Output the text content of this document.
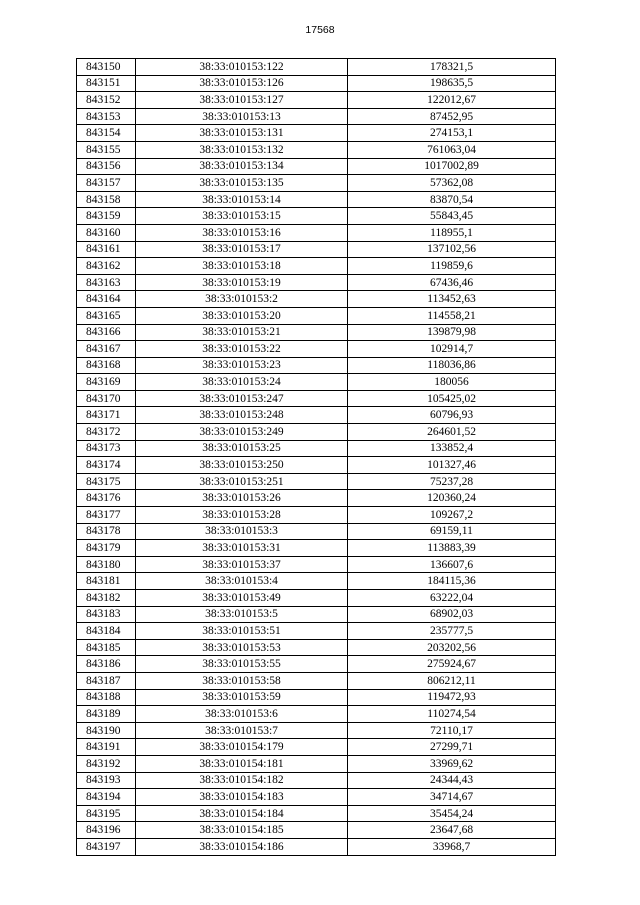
17568
843150	38:33:010153:122	178321,5
843151	38:33:010153:126	198635,5
843152	38:33:010153:127	122012,67
843153	38:33:010153:13	87452,95
843154	38:33:010153:131	274153,1
843155	38:33:010153:132	761063,04
843156	38:33:010153:134	1017002,89
843157	38:33:010153:135	57362,08
843158	38:33:010153:14	83870,54
843159	38:33:010153:15	55843,45
843160	38:33:010153:16	118955,1
843161	38:33:010153:17	137102,56
843162	38:33:010153:18	119859,6
843163	38:33:010153:19	67436,46
843164	38:33:010153:2	113452,63
843165	38:33:010153:20	114558,21
843166	38:33:010153:21	139879,98
843167	38:33:010153:22	102914,7
843168	38:33:010153:23	118036,86
843169	38:33:010153:24	180056
843170	38:33:010153:247	105425,02
843171	38:33:010153:248	60796,93
843172	38:33:010153:249	264601,52
843173	38:33:010153:25	133852,4
843174	38:33:010153:250	101327,46
843175	38:33:010153:251	75237,28
843176	38:33:010153:26	120360,24
843177	38:33:010153:28	109267,2
843178	38:33:010153:3	69159,11
843179	38:33:010153:31	113883,39
843180	38:33:010153:37	136607,6
843181	38:33:010153:4	184115,36
843182	38:33:010153:49	63222,04
843183	38:33:010153:5	68902,03
843184	38:33:010153:51	235777,5
843185	38:33:010153:53	203202,56
843186	38:33:010153:55	275924,67
843187	38:33:010153:58	806212,11
843188	38:33:010153:59	119472,93
843189	38:33:010153:6	110274,54
843190	38:33:010153:7	72110,17
843191	38:33:010154:179	27299,71
843192	38:33:010154:181	33969,62
843193	38:33:010154:182	24344,43
843194	38:33:010154:183	34714,67
843195	38:33:010154:184	35454,24
843196	38:33:010154:185	23647,68
843197	38:33:010154:186	33968,7
